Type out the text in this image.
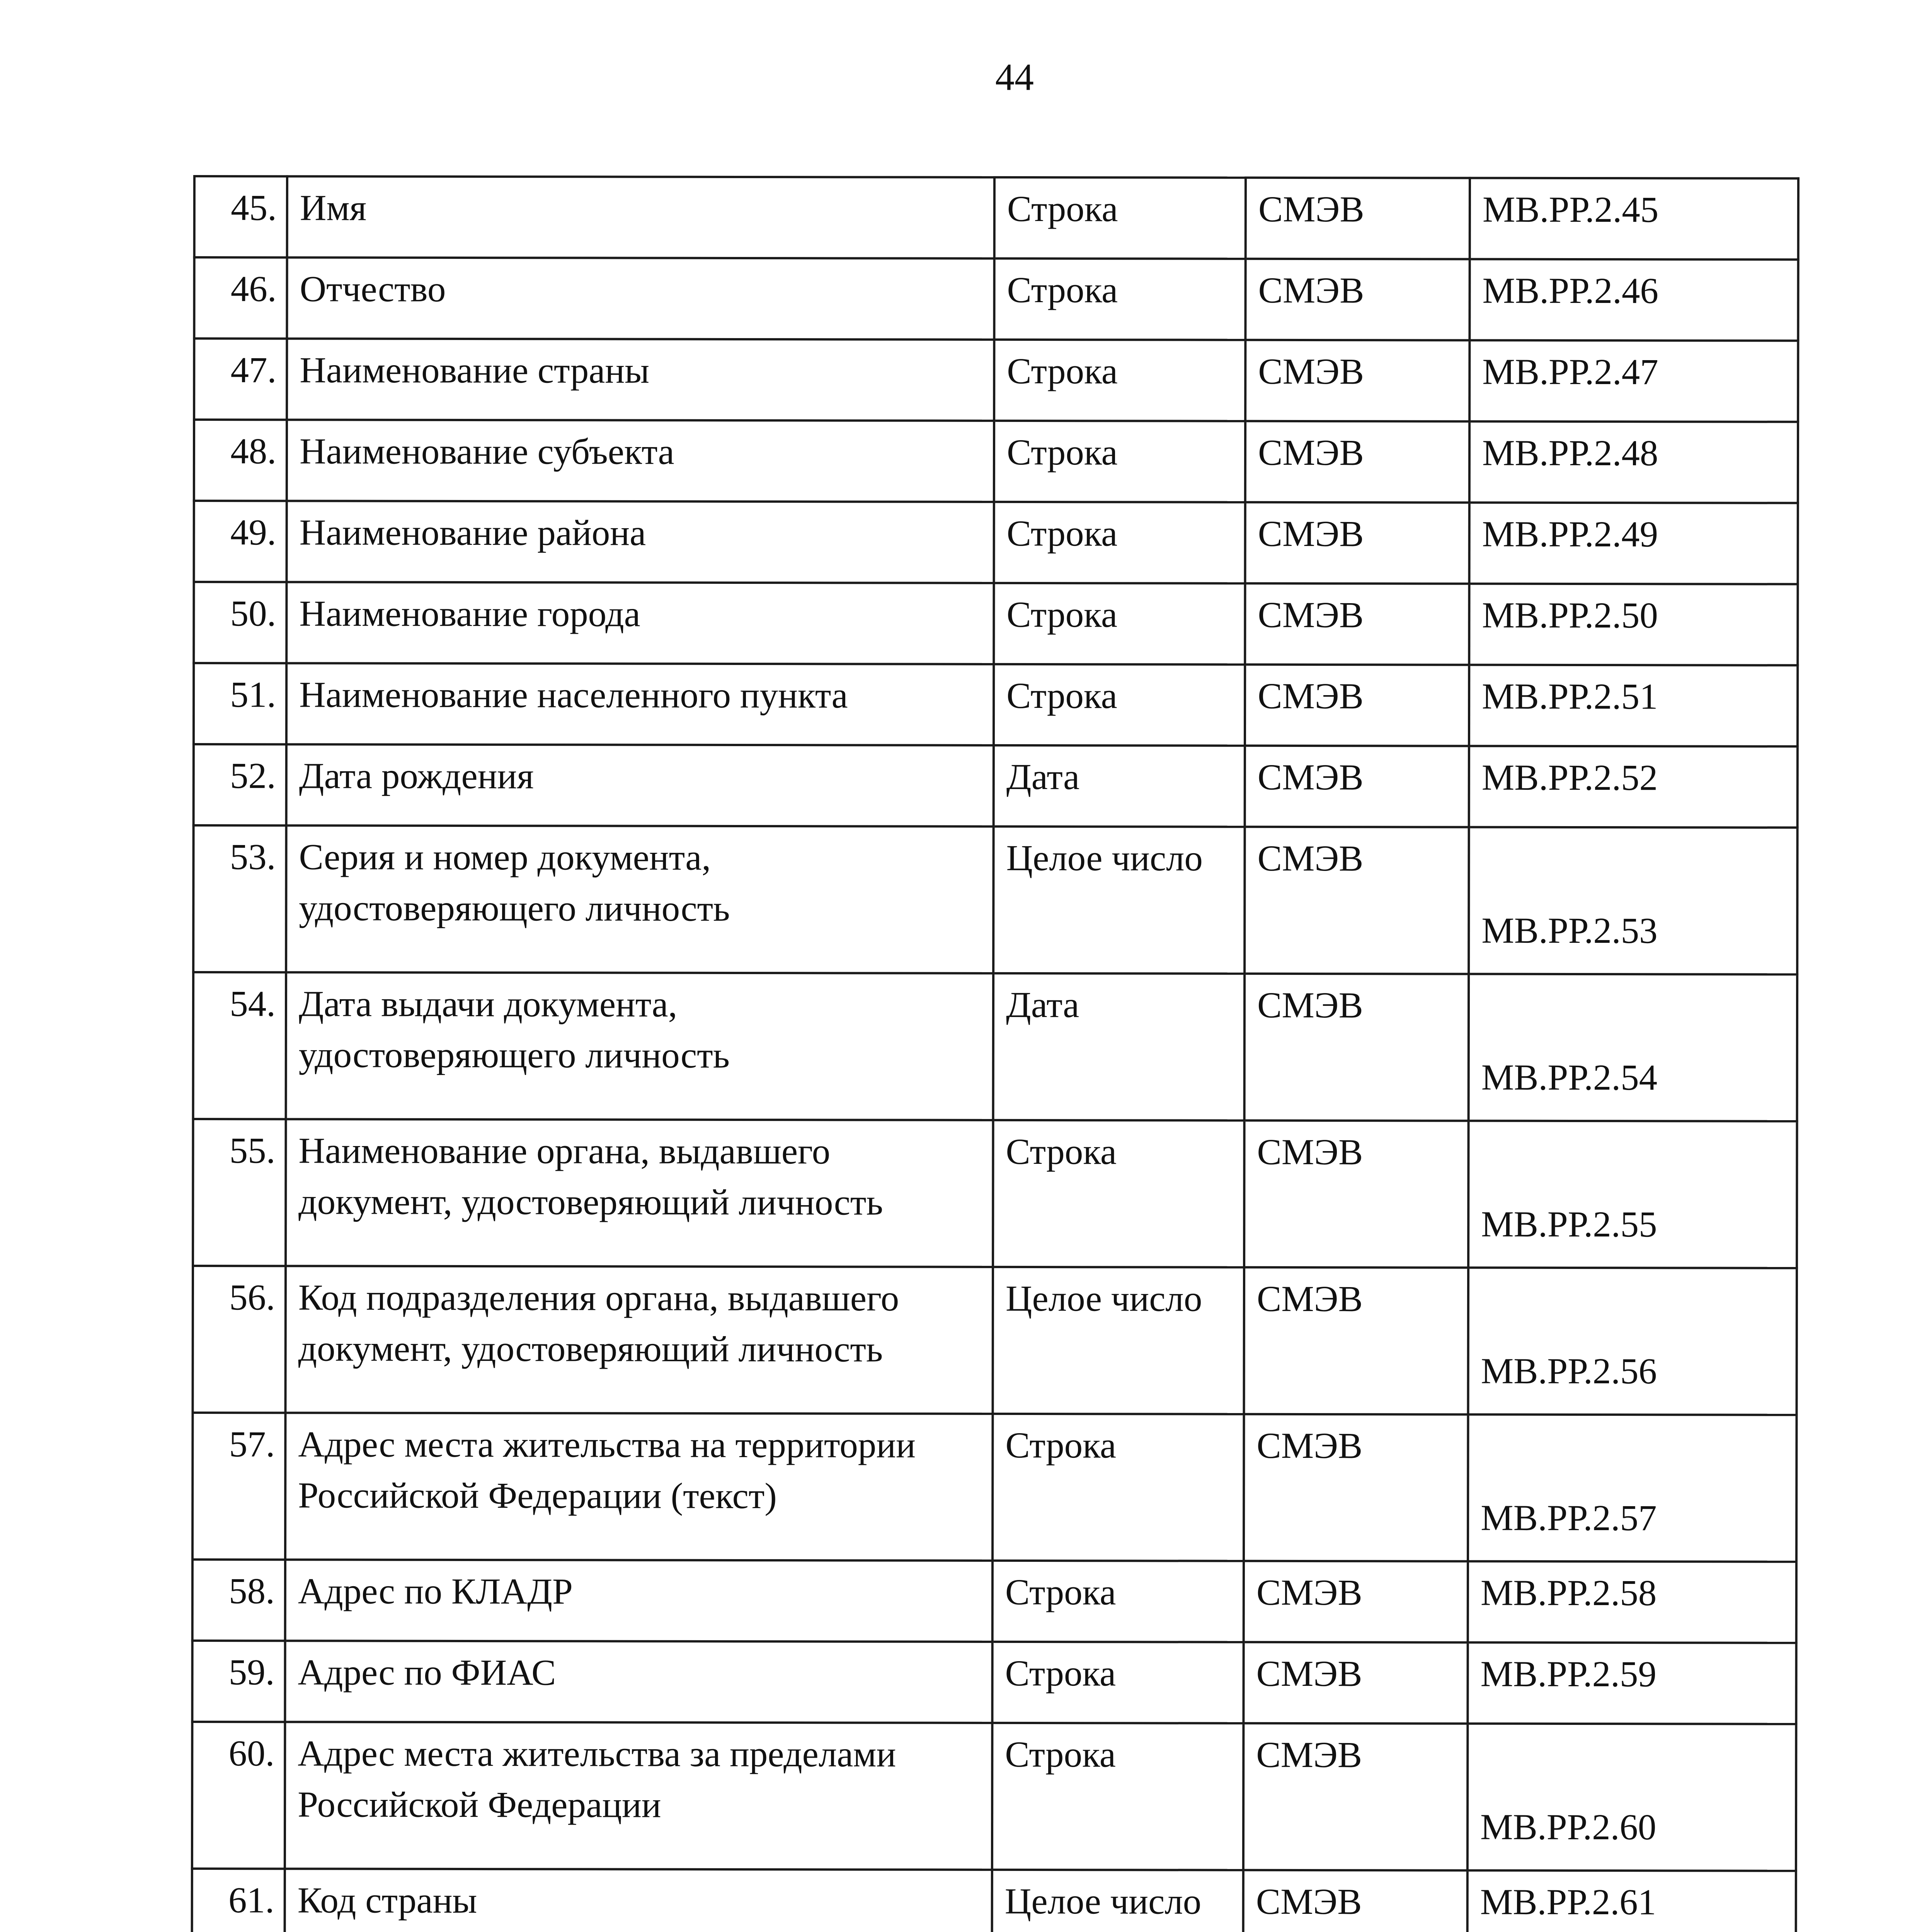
44
45.	Имя	Строка	СМЭВ	МВ.РР.2.45
46.	Отчество	Строка	СМЭВ	МВ.РР.2.46
47.	Наименование страны	Строка	СМЭВ	МВ.РР.2.47
48.	Наименование субъекта	Строка	СМЭВ	МВ.РР.2.48
49.	Наименование района	Строка	СМЭВ	МВ.РР.2.49
50.	Наименование города	Строка	СМЭВ	МВ.РР.2.50
51.	Наименование населенного пункта	Строка	СМЭВ	МВ.РР.2.51
52.	Дата рождения	Дата	СМЭВ	МВ.РР.2.52
53.	Серия и номер документа,
удостоверяющего личность	Целое число	СМЭВ	МВ.РР.2.53
54.	Дата выдачи документа,
удостоверяющего личность	Дата	СМЭВ	МВ.РР.2.54
55.	Наименование органа, выдавшего
документ, удостоверяющий личность	Строка	СМЭВ	МВ.РР.2.55
56.	Код подразделения органа, выдавшего
документ, удостоверяющий личность	Целое число	СМЭВ	МВ.РР.2.56
57.	Адрес места жительства на территории
Российской Федерации (текст)	Строка	СМЭВ	МВ.РР.2.57
58.	Адрес по КЛАДР	Строка	СМЭВ	МВ.РР.2.58
59.	Адрес по ФИАС	Строка	СМЭВ	МВ.РР.2.59
60.	Адрес места жительства за пределами
Российской Федерации	Строка	СМЭВ	МВ.РР.2.60
61.	Код страны	Целое число	СМЭВ	МВ.РР.2.61
